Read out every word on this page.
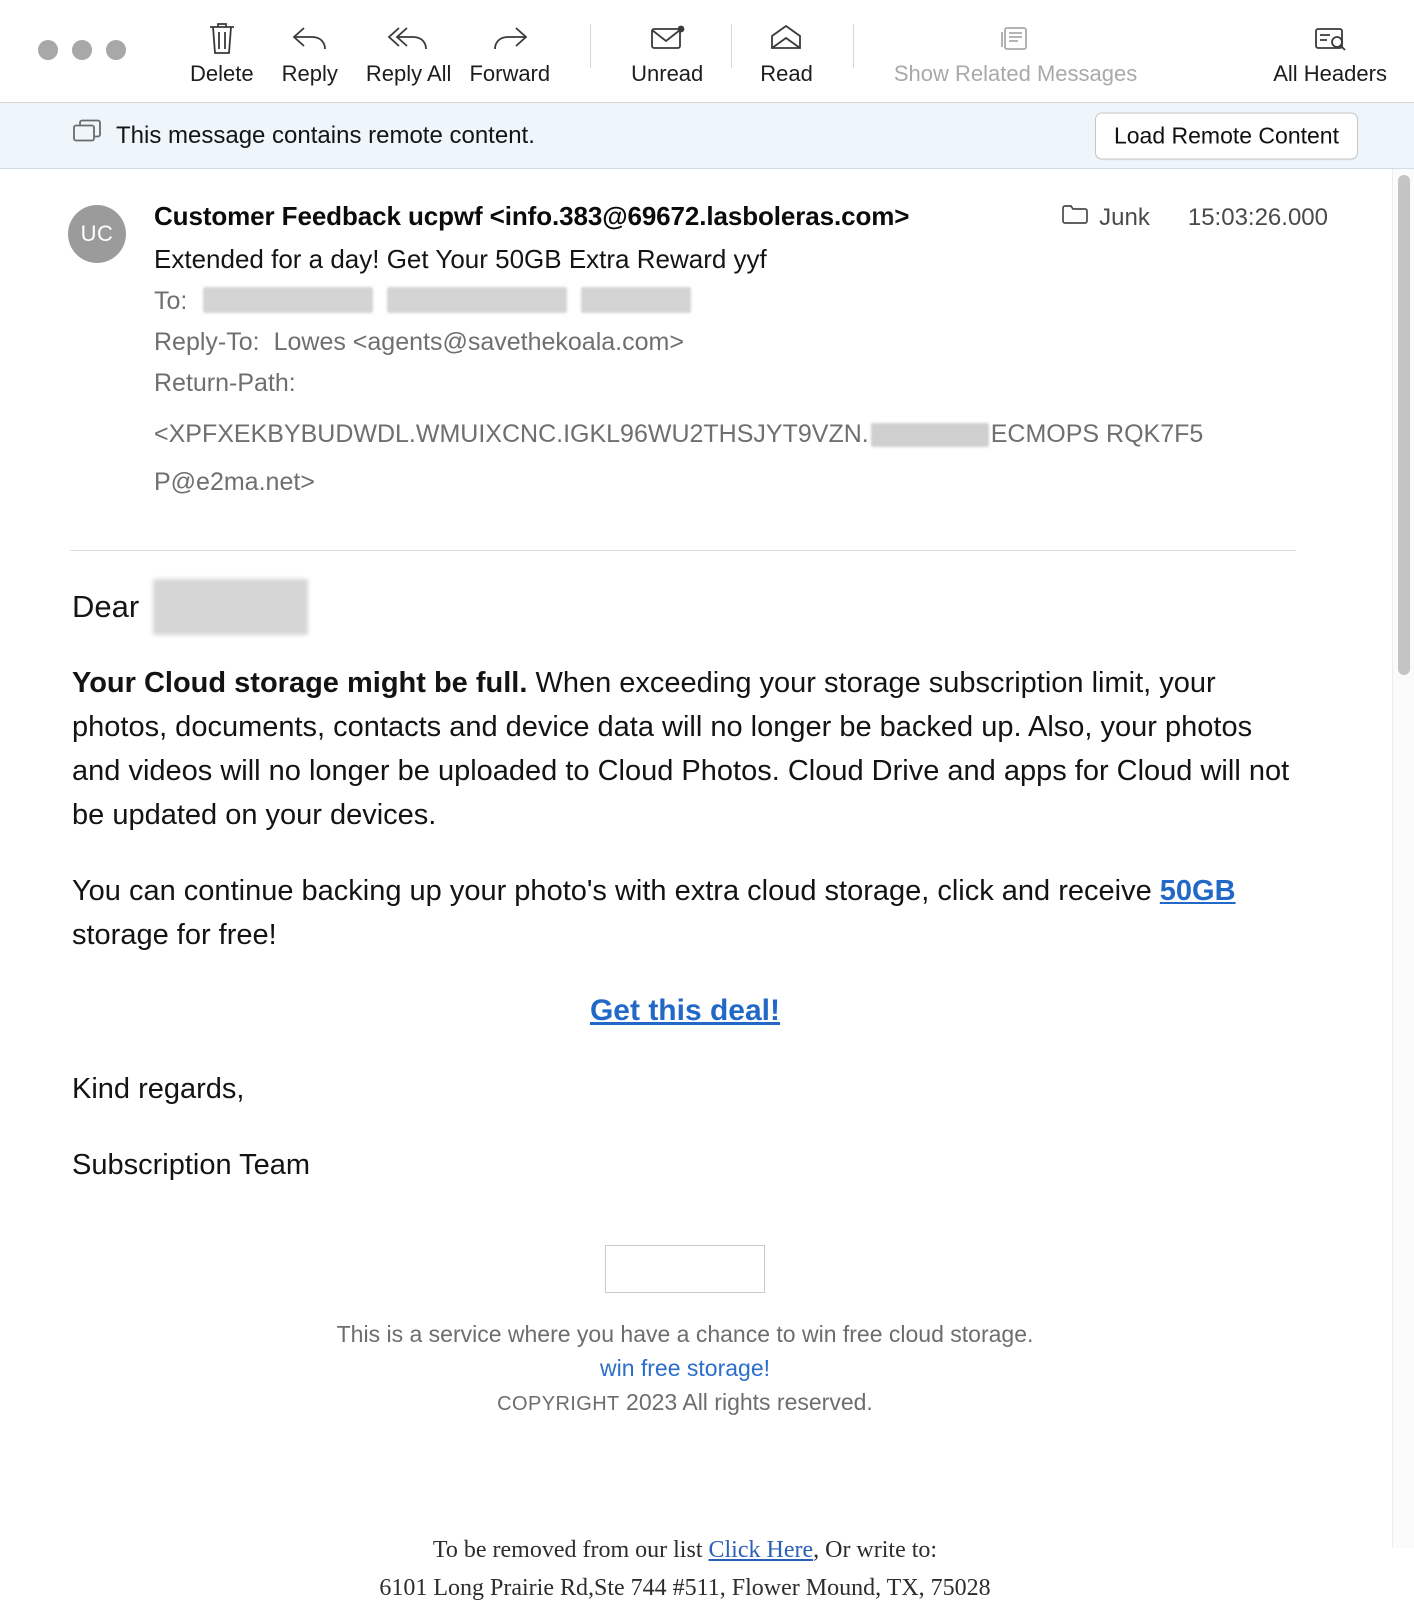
Delete Reply Reply All Forward	Unread	Read	Show Related Messages	All Headers
This message contains remote content.	Load Remote Content
UC
Customer Feedback ucpwf <info.383@69672.lasboleras.com>	Junk 15:03:26.000
Extended for a day! Get Your 50GB Extra Reward yyf
To:
Reply-To: Lowes <agents@savethekoala.com>
Return-Path:
<XPFXEKBYBUDWDL.WMUIXCNC.IGKL96WU2THSJYT9VZN.	ECMOPS RQK7F5P@e2ma.net>
Dear

Your Cloud storage might be full. When exceeding your storage subscription limit, your photos, documents, contacts and device data will no longer be backed up. Also, your photos and videos will no longer be uploaded to Cloud Photos. Cloud Drive and apps for Cloud will not be updated on your devices.

You can continue backing up your photo's with extra cloud storage, click and receive 50GB storage for free!

Get this deal!

Kind regards,

Subscription Team

This is a service where you have a chance to win free cloud storage.
win free storage!
COPYRIGHT 2023 All rights reserved.
To be removed from our list Click Here, Or write to:
6101 Long Prairie Rd,Ste 744 #511, Flower Mound, TX, 75028
